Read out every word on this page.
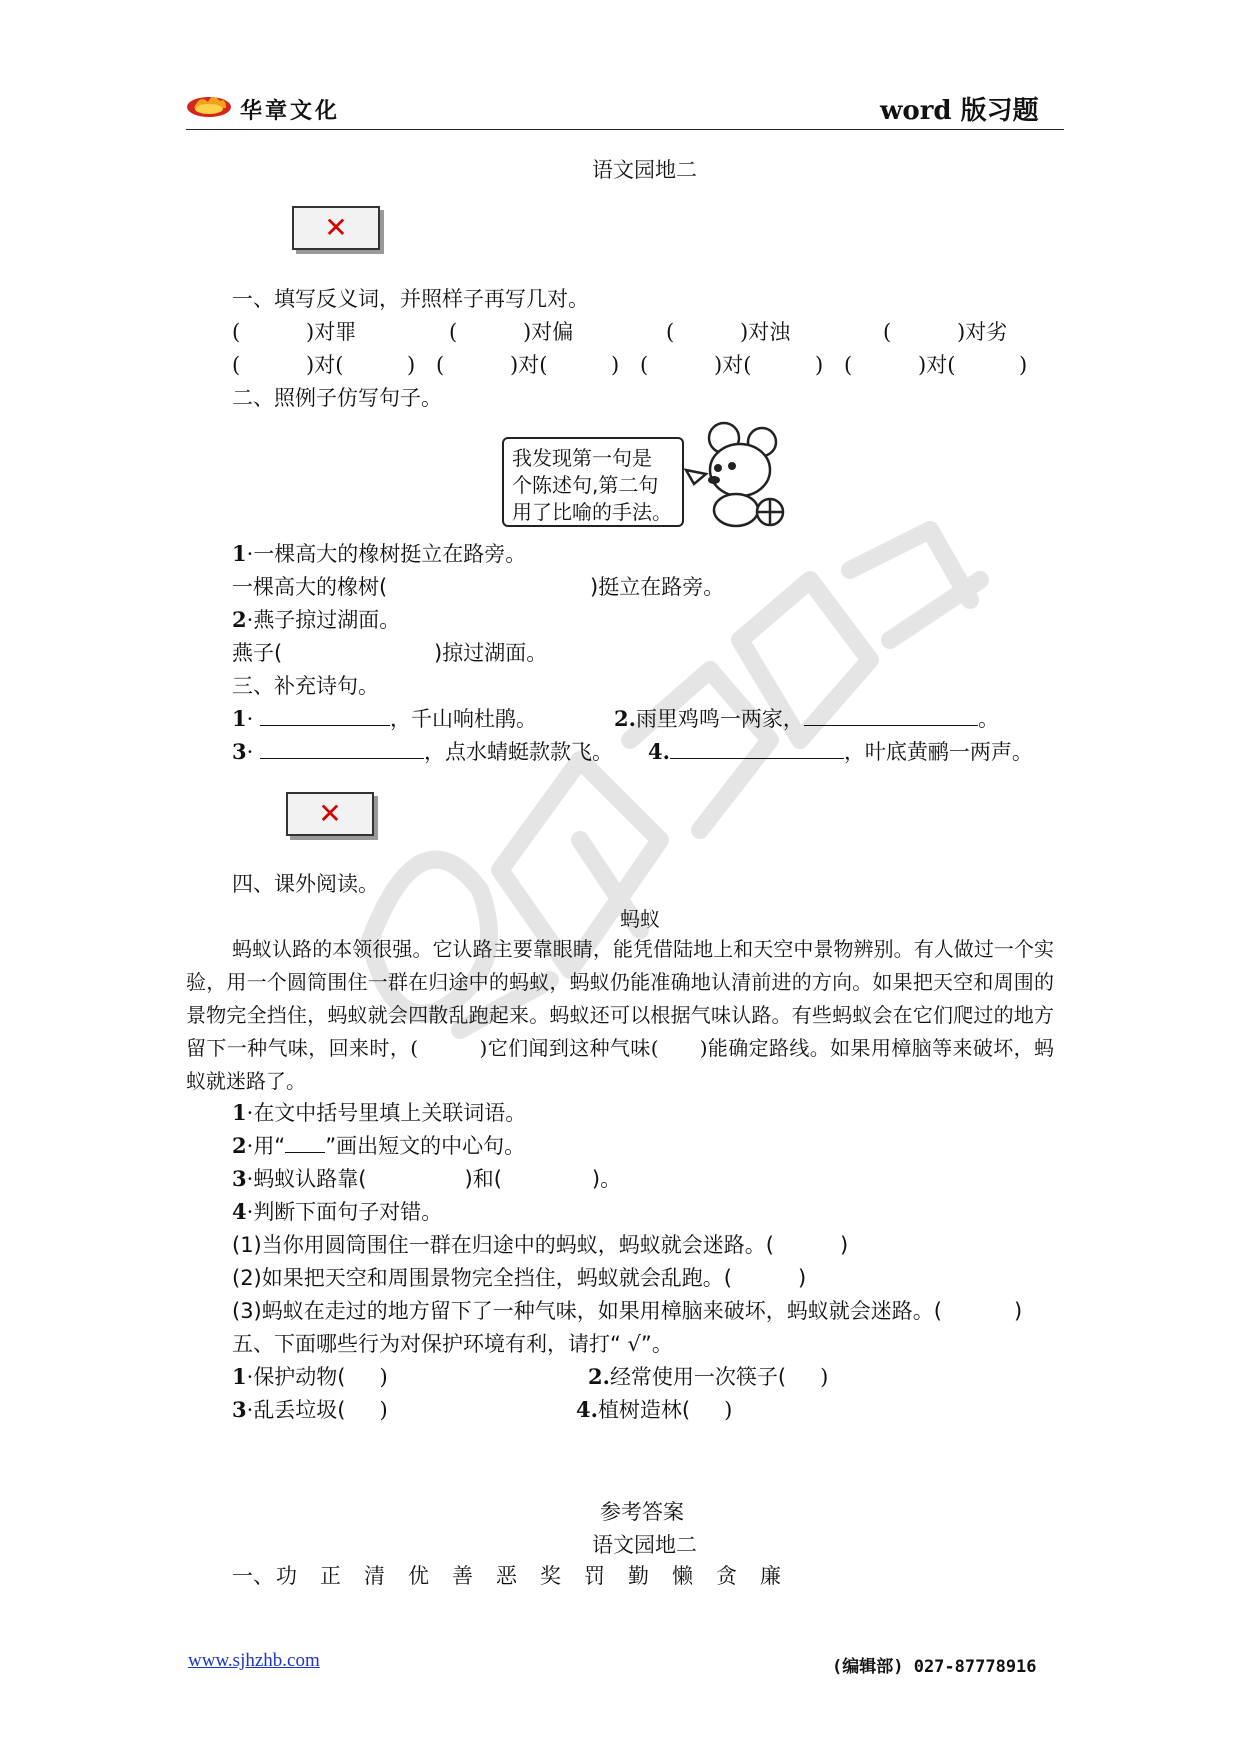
华章文化	word 版习题
语文园地二
✕
一、填写反义词，并照样子再写几对。
(	)对罪	(	)对偏	(	)对浊	(	)对劣
(	)对(	) (	)对(	) (	)对(	) (	)对(	)
二、照例子仿写句子。
我发现第一句是
个陈述句,第二句
用了比喻的手法。
1·一棵高大的橡树挺立在路旁。
一棵高大的橡树(	)挺立在路旁。
2·燕子掠过湖面。
燕子(	)掠过湖面。
三、补充诗句。
1·	，千山响杜鹃。	2.雨里鸡鸣一两家，	。
3·	，点水蜻蜓款款飞。 4.	，叶底黄鹂一两声。
✕
四、课外阅读。
蚂蚁
蚂蚁认路的本领很强。它认路主要靠眼睛，能凭借陆地上和天空中景物辨别。有人做过一个实验，用一个圆筒围住一群在归途中的蚂蚁，蚂蚁仍能准确地认清前进的方向。如果把天空和周围的景物完全挡住，蚂蚁就会四散乱跑起来。蚂蚁还可以根据气味认路。有些蚂蚁会在它们爬过的地方留下一种气味，回来时，(　　　)它们闻到这种气味(　　)能确定路线。如果用樟脑等来破坏，蚂蚁就迷路了。
1·在文中括号里填上关联词语。
2·用“ ”画出短文的中心句。
3·蚂蚁认路靠(	)和(	)。
4·判断下面句子对错。
(1)当你用圆筒围住一群在归途中的蚂蚁，蚂蚁就会迷路。(	)
(2)如果把天空和周围景物完全挡住，蚂蚁就会乱跑。(	)
(3)蚂蚁在走过的地方留下了一种气味，如果用樟脑来破坏，蚂蚁就会迷路。(	)
五、下面哪些行为对保护环境有利，请打“ √”。
1·保护动物( )	2.经常使用一次筷子( )
3·乱丢垃圾( )	4.植树造林( )
参考答案
语文园地二
一、功 正 清 优 善 恶 奖 罚 勤 懒 贪 廉
www.sjhzhb.com	(编辑部) 027-87778916
